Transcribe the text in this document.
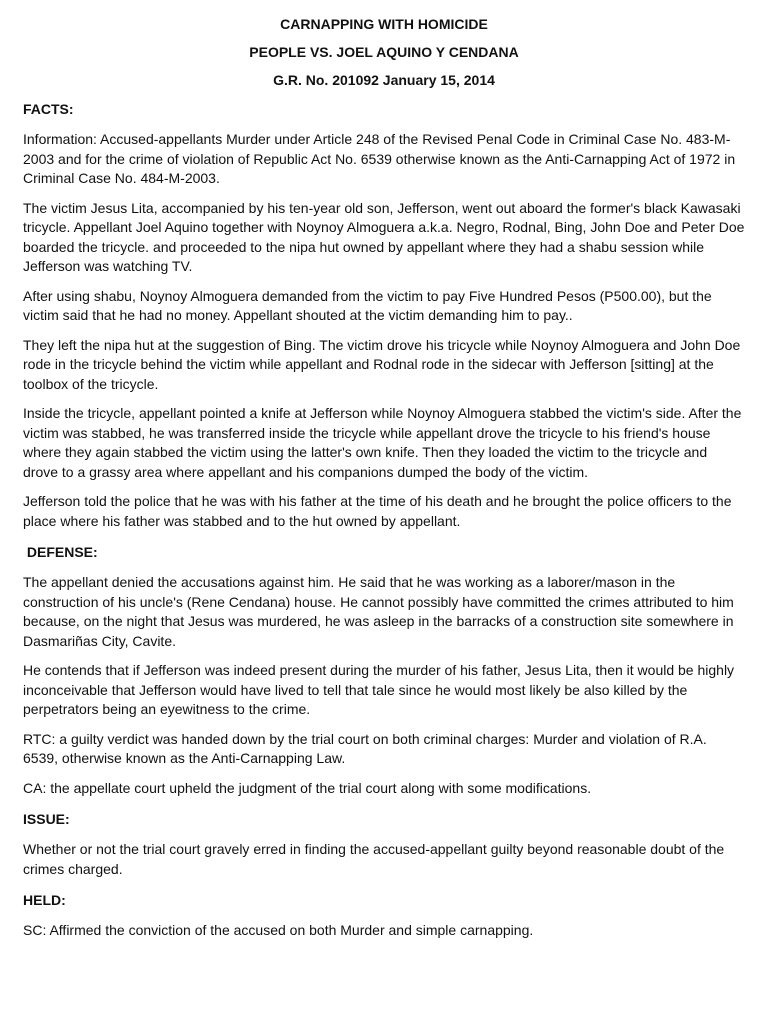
CARNAPPING WITH HOMICIDE
PEOPLE VS. JOEL AQUINO Y CENDANA
G.R. No. 201092 January 15, 2014
FACTS:

Information: Accused-appellants Murder under Article 248 of the Revised Penal Code in Criminal Case No. 483-M-2003 and for the crime of violation of Republic Act No. 6539 otherwise known as the Anti-Carnapping Act of 1972 in Criminal Case No. 484-M-2003.

The victim Jesus Lita, accompanied by his ten-year old son, Jefferson, went out aboard the former's black Kawasaki tricycle. Appellant Joel Aquino together with Noynoy Almoguera a.k.a. Negro, Rodnal, Bing, John Doe and Peter Doe boarded the tricycle. and proceeded to the nipa hut owned by appellant where they had a shabu session while Jefferson was watching TV.

After using shabu, Noynoy Almoguera demanded from the victim to pay Five Hundred Pesos (P500.00), but the victim said that he had no money. Appellant shouted at the victim demanding him to pay..

They left the nipa hut at the suggestion of Bing. The victim drove his tricycle while Noynoy Almoguera and John Doe rode in the tricycle behind the victim while appellant and Rodnal rode in the sidecar with Jefferson [sitting] at the toolbox of the tricycle.

Inside the tricycle, appellant pointed a knife at Jefferson while Noynoy Almoguera stabbed the victim's side. After the victim was stabbed, he was transferred inside the tricycle while appellant drove the tricycle to his friend's house where they again stabbed the victim using the latter's own knife. Then they loaded the victim to the tricycle and drove to a grassy area where appellant and his companions dumped the body of the victim.

Jefferson told the police that he was with his father at the time of his death and he brought the police officers to the place where his father was stabbed and to the hut owned by appellant.

DEFENSE:

The appellant denied the accusations against him. He said that he was working as a laborer/mason in the construction of his uncle's (Rene Cendana) house. He cannot possibly have committed the crimes attributed to him because, on the night that Jesus was murdered, he was asleep in the barracks of a construction site somewhere in Dasmariñas City, Cavite.

He contends that if Jefferson was indeed present during the murder of his father, Jesus Lita, then it would be highly inconceivable that Jefferson would have lived to tell that tale since he would most likely be also killed by the perpetrators being an eyewitness to the crime.

RTC: a guilty verdict was handed down by the trial court on both criminal charges: Murder and violation of R.A. 6539, otherwise known as the Anti-Carnapping Law.

CA: the appellate court upheld the judgment of the trial court along with some modifications.

ISSUE:

Whether or not the trial court gravely erred in finding the accused-appellant guilty beyond reasonable doubt of the crimes charged.

HELD:

SC: Affirmed the conviction of the accused on both Murder and simple carnapping.
